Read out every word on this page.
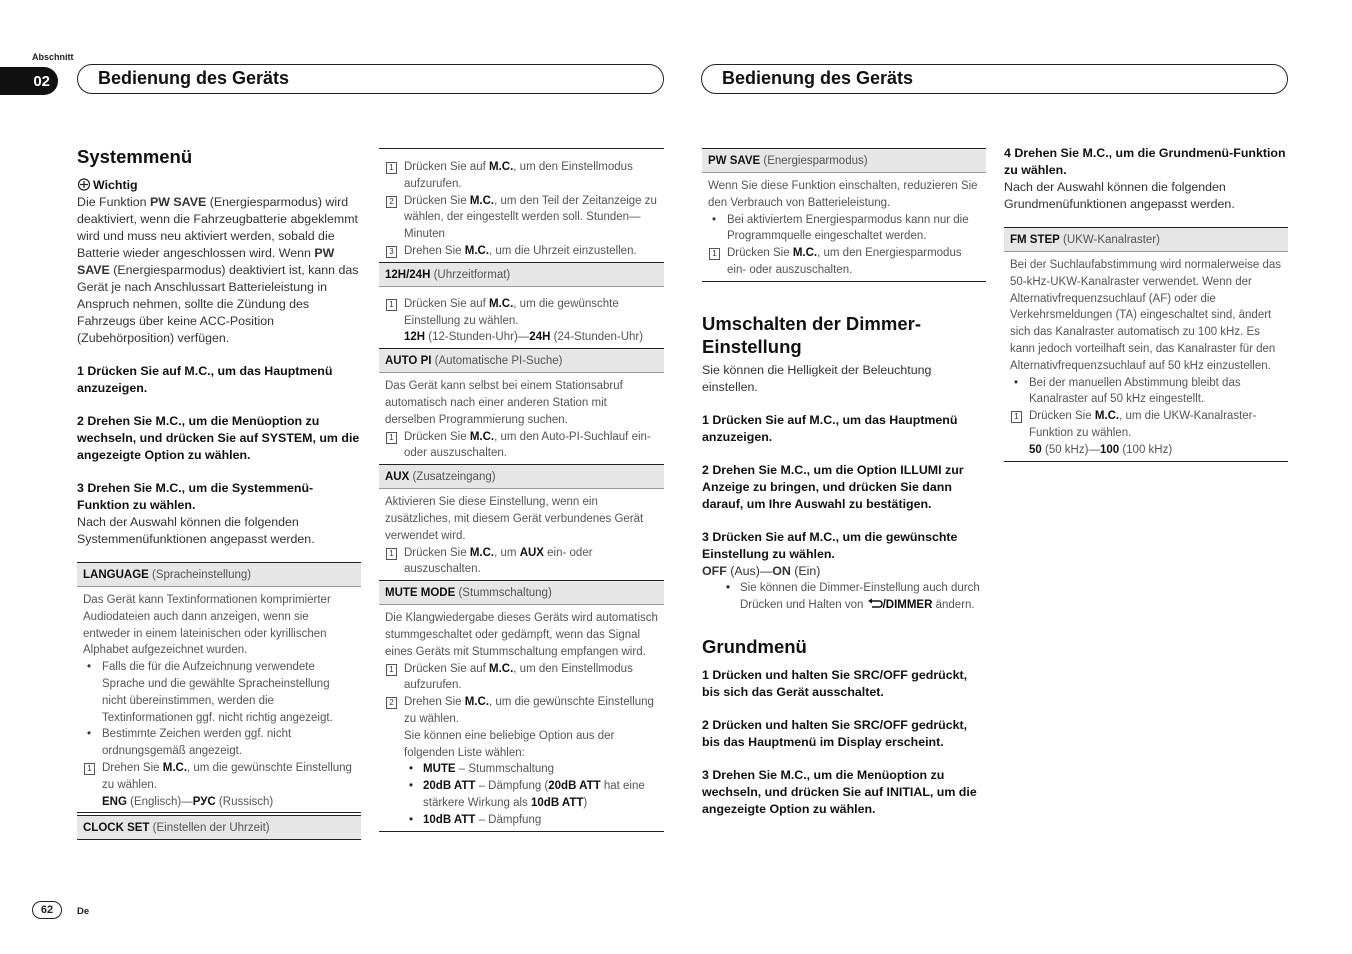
Abschnitt
02	Bedienung des Geräts	Bedienung des Geräts
Systemmenü
Wichtig

Die Funktion PW SAVE (Energiesparmodus) wird deaktiviert, wenn die Fahrzeugbatterie abgeklemmt wird und muss neu aktiviert werden, sobald die Batterie wieder angeschlossen wird. Wenn PW SAVE (Energiesparmodus) deaktiviert ist, kann das Gerät je nach Anschlussart Batterieleistung in Anspruch nehmen, sollte die Zündung des Fahrzeugs über keine ACC-Position (Zubehörposition) verfügen.

1 Drücken Sie auf M.C., um das Hauptmenü anzuzeigen.

2 Drehen Sie M.C., um die Menüoption zu wechseln, und drücken Sie auf SYSTEM, um die angezeigte Option zu wählen.

3 Drehen Sie M.C., um die Systemmenü-Funktion zu wählen.

Nach der Auswahl können die folgenden Systemmenüfunktionen angepasst werden.

LANGUAGE (Spracheinstellung)

Das Gerät kann Textinformationen komprimierter Audiodateien auch dann anzeigen, wenn sie entweder in einem lateinischen oder kyrillischen Alphabet aufgezeichnet wurden.

• Falls die für die Aufzeichnung verwendete Sprache und die gewählte Spracheinstellung nicht übereinstimmen, werden die Textinformationen ggf. nicht richtig angezeigt.

• Bestimmte Zeichen werden ggf. nicht ordnungsgemäß angezeigt.

1 Drehen Sie M.C., um die gewünschte Einstellung zu wählen.

ENG (Englisch)—РУС (Russisch)

CLOCK SET (Einstellen der Uhrzeit)

1 Drücken Sie auf M.C., um den Einstellmodus aufzurufen.

2 Drücken Sie M.C., um den Teil der Zeitanzeige zu wählen, der eingestellt werden soll. Stunden—Minuten

3 Drehen Sie M.C., um die Uhrzeit einzustellen.

12H/24H (Uhrzeitformat)

1 Drücken Sie auf M.C., um die gewünschte Einstellung zu wählen.

12H (12-Stunden-Uhr)—24H (24-Stunden-Uhr)

AUTO PI (Automatische PI-Suche)

Das Gerät kann selbst bei einem Stationsabruf automatisch nach einer anderen Station mit derselben Programmierung suchen.

1 Drücken Sie M.C., um den Auto-PI-Suchlauf ein- oder auszuschalten.

AUX (Zusatzeingang)

Aktivieren Sie diese Einstellung, wenn ein zusätzliches, mit diesem Gerät verbundenes Gerät verwendet wird.

1 Drücken Sie M.C., um AUX ein- oder auszuschalten.

MUTE MODE (Stummschaltung)

Die Klangwiedergabe dieses Geräts wird automatisch stummgeschaltet oder gedämpft, wenn das Signal eines Geräts mit Stummschaltung empfangen wird.

1 Drücken Sie auf M.C., um den Einstellmodus aufzurufen.

2 Drehen Sie M.C., um die gewünschte Einstellung zu wählen.

Sie können eine beliebige Option aus der folgenden Liste wählen:

• MUTE – Stummschaltung

• 20dB ATT – Dämpfung (20dB ATT hat eine stärkere Wirkung als 10dB ATT)

• 10dB ATT – Dämpfung

PW SAVE (Energiesparmodus)

Wenn Sie diese Funktion einschalten, reduzieren Sie den Verbrauch von Batterieleistung.

• Bei aktiviertem Energiesparmodus kann nur die Programmquelle eingeschaltet werden.

1 Drücken Sie M.C., um den Energiesparmodus ein- oder auszuschalten.

Umschalten der Dimmer-Einstellung

Sie können die Helligkeit der Beleuchtung einstellen.

1 Drücken Sie auf M.C., um das Hauptmenü anzuzeigen.

2 Drehen Sie M.C., um die Option ILLUMI zur Anzeige zu bringen, und drücken Sie dann darauf, um Ihre Auswahl zu bestätigen.

3 Drücken Sie auf M.C., um die gewünschte Einstellung zu wählen.

OFF (Aus)—ON (Ein)

• Sie können die Dimmer-Einstellung auch durch Drücken und Halten von /DIMMER ändern.

Grundmenü

1 Drücken und halten Sie SRC/OFF gedrückt, bis sich das Gerät ausschaltet.

2 Drücken und halten Sie SRC/OFF gedrückt, bis das Hauptmenü im Display erscheint.

3 Drehen Sie M.C., um die Menüoption zu wechseln, und drücken Sie auf INITIAL, um die angezeigte Option zu wählen.

4 Drehen Sie M.C., um die Grundmenü-Funktion zu wählen.

Nach der Auswahl können die folgenden Grundmenüfunktionen angepasst werden.

FM STEP (UKW-Kanalraster)

Bei der Suchlaufabstimmung wird normalerweise das 50-kHz-UKW-Kanalraster verwendet. Wenn der Alternativfrequenzsuchlauf (AF) oder die Verkehrsmeldungen (TA) eingeschaltet sind, ändert sich das Kanalraster automatisch zu 100 kHz. Es kann jedoch vorteilhaft sein, das Kanalraster für den Alternativfrequenzsuchlauf auf 50 kHz einzustellen.

• Bei der manuellen Abstimmung bleibt das Kanalraster auf 50 kHz eingestellt.

1 Drücken Sie M.C., um die UKW-Kanalraster-Funktion zu wählen.

50 (50 kHz)—100 (100 kHz)

62	De
